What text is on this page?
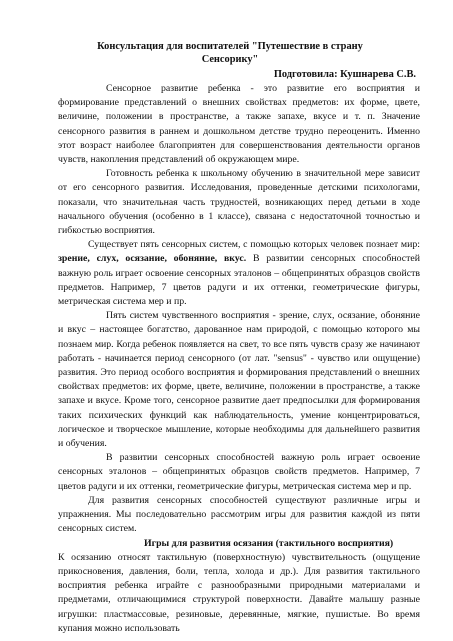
Консультация для воспитателей "Путешествие в страну
Сенсорику"
Подготовила: Кушнарева С.В.

Сенсорное развитие ребенка - это развитие его восприятия и формирование представлений о внешних свойствах предметов: их форме, цвете, величине, положении в пространстве, а также запахе, вкусе и т. п. Значение сенсорного развития в раннем и дошкольном детстве трудно переоценить. Именно этот возраст наиболее благоприятен для совершенствования деятельности органов чувств, накопления представлений об окружающем мире.

Готовность ребенка к школьному обучению в значительной мере зависит от его сенсорного развития. Исследования, проведенные детскими психологами, показали, что значительная часть трудностей, возникающих перед детьми в ходе начального обучения (особенно в 1 классе), связана с недостаточной точностью и гибкостью восприятия.

Существует пять сенсорных систем, с помощью которых человек познает мир: зрение, слух, осязание, обоняние, вкус. В развитии сенсорных способностей важную роль играет освоение сенсорных эталонов – общепринятых образцов свойств предметов. Например, 7 цветов радуги и их оттенки, геометрические фигуры, метрическая система мер и пр.

Пять систем чувственного восприятия - зрение, слух, осязание, обоняние и вкус – настоящее богатство, дарованное нам природой, с помощью которого мы познаем мир. Когда ребенок появляется на свет, то все пять чувств сразу же начинают работать - начинается период сенсорного (от лат. "sensus" - чувство или ощущение) развития. Это период особого восприятия и формирования представлений о внешних свойствах предметов: их форме, цвете, величине, положении в пространстве, а также запахе и вкусе. Кроме того, сенсорное развитие дает предпосылки для формирования таких психических функций как наблюдательность, умение концентрироваться, логическое и творческое мышление, которые необходимы для дальнейшего развития и обучения.

В развитии сенсорных способностей важную роль играет освоение сенсорных эталонов – общепринятых образцов свойств предметов. Например, 7 цветов радуги и их оттенки, геометрические фигуры, метрическая система мер и пр.

Для развития сенсорных способностей существуют различные игры и упражнения. Мы последовательно рассмотрим игры для развития каждой из пяти сенсорных систем.

Игры для развития осязания (тактильного восприятия)

К осязанию относят тактильную (поверхностную) чувствительность (ощущение прикосновения, давления, боли, тепла, холода и др.). Для развития тактильного восприятия ребенка играйте с разнообразными природными материалами и предметами, отличающимися структурой поверхности. Давайте малышу разные игрушки: пластмассовые, резиновые, деревянные, мягкие, пушистые. Во время купания можно использовать
